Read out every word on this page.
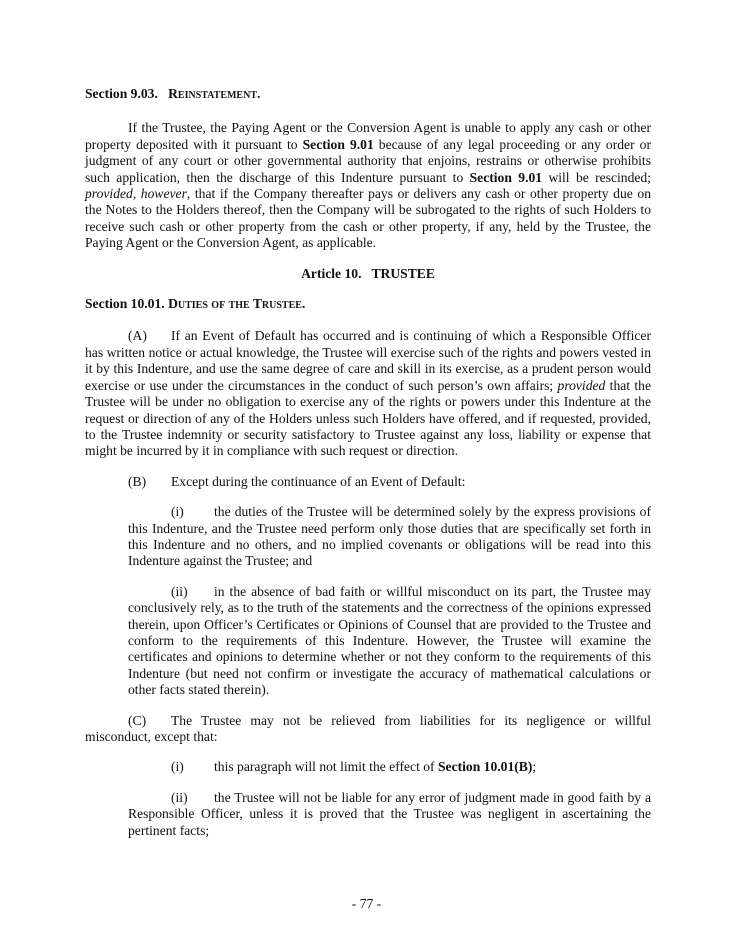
Section 9.03. Reinstatement.

If the Trustee, the Paying Agent or the Conversion Agent is unable to apply any cash or other property deposited with it pursuant to Section 9.01 because of any legal proceeding or any order or judgment of any court or other governmental authority that enjoins, restrains or otherwise prohibits such application, then the discharge of this Indenture pursuant to Section 9.01 will be rescinded; provided, however, that if the Company thereafter pays or delivers any cash or other property due on the Notes to the Holders thereof, then the Company will be subrogated to the rights of such Holders to receive such cash or other property from the cash or other property, if any, held by the Trustee, the Paying Agent or the Conversion Agent, as applicable.

Article 10. TRUSTEE
Section 10.01. Duties of the Trustee.

(A) If an Event of Default has occurred and is continuing of which a Responsible Officer has written notice or actual knowledge, the Trustee will exercise such of the rights and powers vested in it by this Indenture, and use the same degree of care and skill in its exercise, as a prudent person would exercise or use under the circumstances in the conduct of such person’s own affairs; provided that the Trustee will be under no obligation to exercise any of the rights or powers under this Indenture at the request or direction of any of the Holders unless such Holders have offered, and if requested, provided, to the Trustee indemnity or security satisfactory to Trustee against any loss, liability or expense that might be incurred by it in compliance with such request or direction.

(B) Except during the continuance of an Event of Default:

(i) the duties of the Trustee will be determined solely by the express provisions of this Indenture, and the Trustee need perform only those duties that are specifically set forth in this Indenture and no others, and no implied covenants or obligations will be read into this Indenture against the Trustee; and

(ii) in the absence of bad faith or willful misconduct on its part, the Trustee may conclusively rely, as to the truth of the statements and the correctness of the opinions expressed therein, upon Officer’s Certificates or Opinions of Counsel that are provided to the Trustee and conform to the requirements of this Indenture. However, the Trustee will examine the certificates and opinions to determine whether or not they conform to the requirements of this Indenture (but need not confirm or investigate the accuracy of mathematical calculations or other facts stated therein).

(C) The Trustee may not be relieved from liabilities for its negligence or willful misconduct, except that:

(i) this paragraph will not limit the effect of Section 10.01(B);

(ii) the Trustee will not be liable for any error of judgment made in good faith by a Responsible Officer, unless it is proved that the Trustee was negligent in ascertaining the pertinent facts;

- 77 -
